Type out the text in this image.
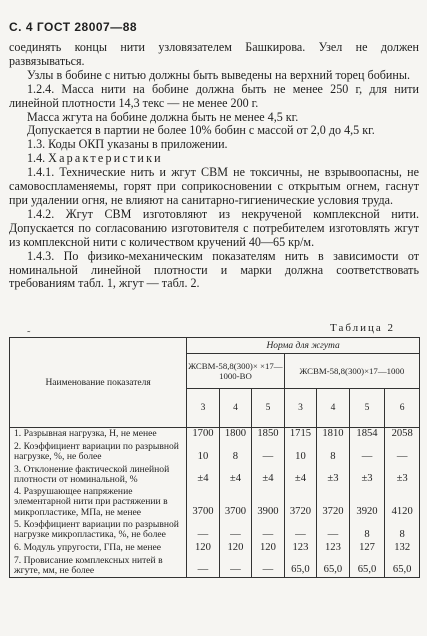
С. 4 ГОСТ 28007—88

соединять концы нити узловязателем Башкирова. Узел не должен развязываться.

Узлы в бобине с нитью должны быть выведены на верхний торец бобины.

1.2.4. Масса нити на бобине должна быть не менее 250 г, для нити линейной плотности 14,3 текс — не менее 200 г.

Масса жгута на бобине должна быть не менее 4,5 кг.

Допускается в партии не более 10% бобин с массой от 2,0 до 4,5 кг.

1.3. Коды ОКП указаны в приложении.

1.4. Характеристики

1.4.1. Технические нить и жгут СВМ не токсичны, не взрывоопасны, не самовоспламеняемы, горят при соприкосновении с открытым огнем, гаснут при удалении огня, не влияют на санитарно-гигиенические условия труда.

1.4.2. Жгут СВМ изготовляют из некрученой комплексной нити. Допускается по согласованию изготовителя с потребителем изготовлять жгут из комплексной нити с количеством кручений 40—65 кр/м.

1.4.3. По физико-механическим показателям нить в зависимости от номинальной линейной плотности и марки должна соответствовать требованиям табл. 1, жгут — табл. 2.

˜
Таблица 2
Наименование показателя	Норма для жгута						
	ЖСВМ-58,8(300)× ×17—1000-ВО			ЖСВМ-58,8(300)×17—1000			
	3	4	5	3	4	5	6
1. Разрывная нагрузка, Н, не менее	1700	1800	1850	1715	1810	1854	2058
2. Коэффициент вариации по разрывной нагрузке, %, не более	10	8	—	10	8	—	—
3. Отклонение фактической линейной плотности от номинальной, %	±4	±4	±4	±4	±3	±3	±3
4. Разрушающее напряжение элементарной нити при растяжении в микропластике, МПа, не менее	3700	3700	3900	3720	3720	3920	4120
5. Коэффициент вариации по разрывной нагрузке микропластика, %, не более	—	—	—	—	—	8	8
6. Модуль упругости, ГПа, не менее	120	120	120	123	123	127	132
7. Провисание комплексных нитей в жгуте, мм, не более	—	—	—	65,0	65,0	65,0	65,0
